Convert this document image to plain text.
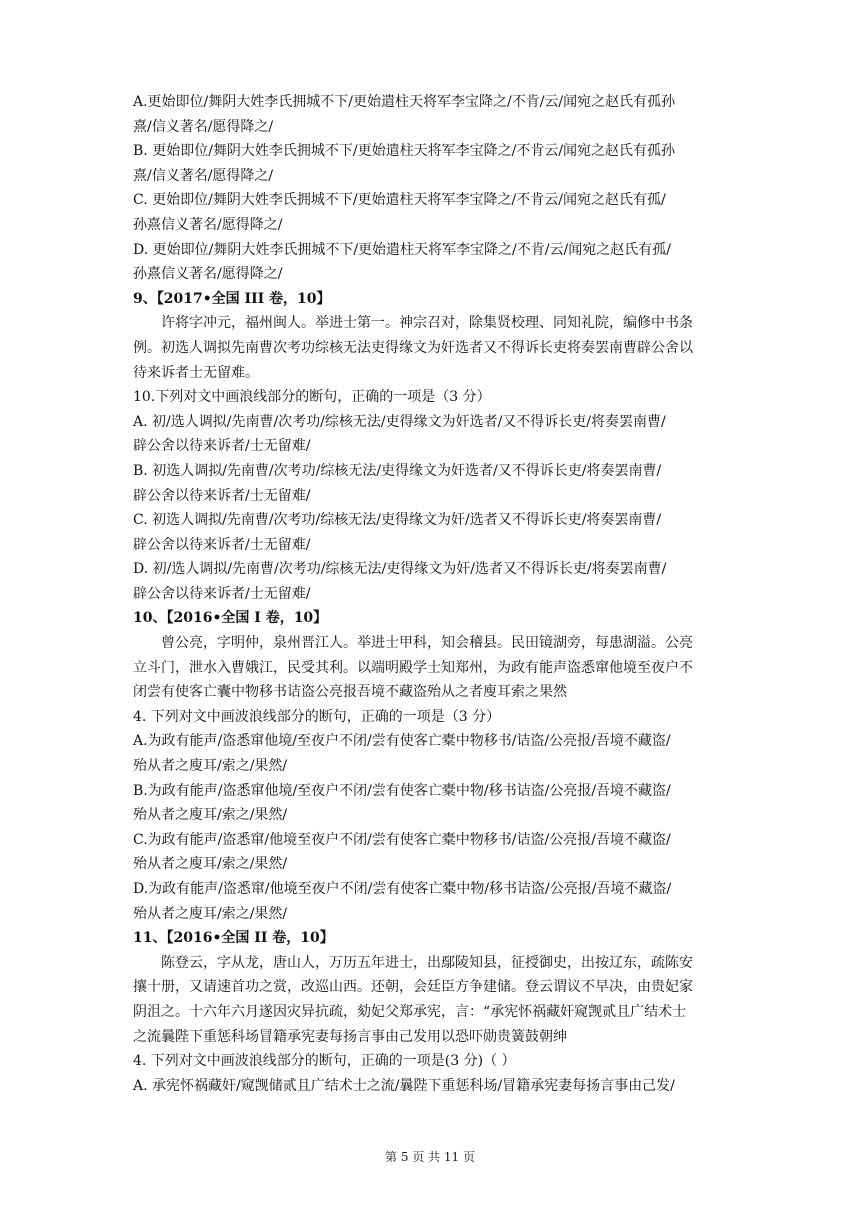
A.更始即位/舞阴大姓李氏拥城不下/更始遣柱天将军李宝降之/不肯/云/闻宛之赵氏有孤孙
熹/信义著名/愿得降之/
B. 更始即位/舞阴大姓李氏拥城不下/更始遣柱天将军李宝降之/不肯云/闻宛之赵氏有孤孙
熹/信义著名/愿得降之/
C. 更始即位/舞阴大姓李氏拥城不下/更始遣柱天将军李宝降之/不肯云/闻宛之赵氏有孤/
孙熹信义著名/愿得降之/
D. 更始即位/舞阴大姓李氏拥城不下/更始遣柱天将军李宝降之/不肯/云/闻宛之赵氏有孤/
孙熹信义著名/愿得降之/
9、【2017•全国 III 卷，10】
许将字冲元，福州闽人。举进士第一。神宗召对，除集贤校理、同知礼院，编修中书条
例。初选人调拟先南曹次考功综核无法吏得缘文为奸选者又不得诉长吏将奏罢南曹辟公舍以
待来诉者士无留难。
10.下列对文中画浪线部分的断句，正确的一项是（3 分）
A. 初/选人调拟/先南曹/次考功/综核无法/吏得缘文为奸选者/又不得诉长吏/将奏罢南曹/
辟公舍以待来诉者/士无留难/
B. 初选人调拟/先南曹/次考功/综核无法/吏得缘文为奸选者/又不得诉长吏/将奏罢南曹/
辟公舍以待来诉者/士无留难/
C. 初选人调拟/先南曹/次考功/综核无法/吏得缘文为奸/选者又不得诉长吏/将奏罢南曹/
辟公舍以待来诉者/士无留难/
D. 初/选人调拟/先南曹/次考功/综核无法/吏得缘文为奸/选者又不得诉长吏/将奏罢南曹/
辟公舍以待来诉者/士无留难/
10、【2016•全国 I 卷，10】
曾公亮，字明仲，泉州晋江人。举进士甲科，知会稽县。民田镜湖旁，每患湖溢。公亮
立斗门，泄水入曹娥江，民受其利。以端明殿学士知郑州，为政有能声盗悉窜他境至夜户不
闭尝有使客亡囊中物移书诘盗公亮报吾境不藏盗殆从之者廋耳索之果然
4. 下列对文中画波浪线部分的断句，正确的一项是（3 分）
A.为政有能声/盗悉窜他境/至夜户不闭/尝有使客亡橐中物移书/诘盗/公亮报/吾境不藏盗/
殆从者之廋耳/索之/果然/
B.为政有能声/盗悉窜他境/至夜户不闭/尝有使客亡橐中物/移书诘盗/公亮报/吾境不藏盗/
殆从者之廋耳/索之/果然/
C.为政有能声/盗悉窜/他境至夜户不闭/尝有使客亡橐中物移书/诘盗/公亮报/吾境不藏盗/
殆从者之廋耳/索之/果然/
D.为政有能声/盗悉窜/他境至夜户不闭/尝有使客亡橐中物/移书诘盗/公亮报/吾境不藏盗/
殆从者之廋耳/索之/果然/
11、【2016•全国 II 卷，10】
陈登云，字从龙，唐山人，万历五年进士，出鄢陵知县，征授御史，出按辽东，疏陈安
攘十册，又请速首功之赏，改巡山西。还朝，会廷臣方争建储。登云谓议不早决，由贵妃家
阴沮之。十六年六月遂因灾异抗疏，劾妃父郑承宪，言：“承宪怀祸藏奸窥觊贰且广结术士
之流曩陛下重惩科场冒籍承宪妻每扬言事由己发用以恐吓勋贵簧鼓朝绅
4. 下列对文中画波浪线部分的断句，正确的一项是(3 分)（ ）
A. 承宪怀祸藏奸/窥觊储贰且广结术士之流/曩陛下重惩科场/冒籍承宪妻每扬言事由己发/
第 5 页 共 11 页
